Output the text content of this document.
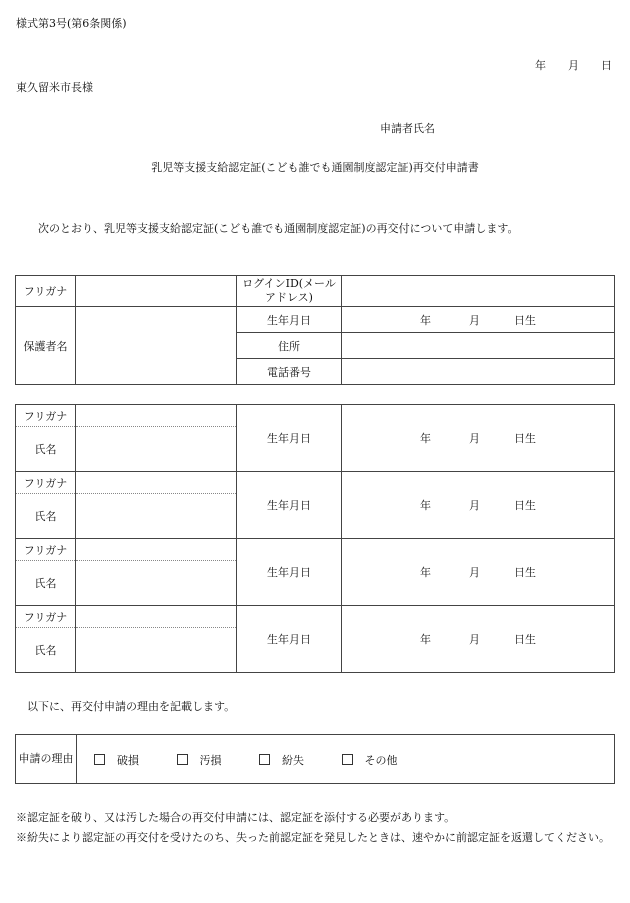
様式第3号(第6条関係)
年 月 日
東久留米市長様
申請者氏名
乳児等支援支給認定証(こども誰でも通園制度認定証)再交付申請書
次のとおり、乳児等支援支給認定証(こども誰でも通園制度認定証)の再交付について申請します。
フリガナ		ログインID(メールアドレス)	
保護者名		生年月日	年 月 日生
		住所	
		電話番号	
フリガナ		生年月日	年 月 日生
氏名			
フリガナ		生年月日	年 月 日生
氏名			
フリガナ		生年月日	年 月 日生
氏名			
フリガナ		生年月日	年 月 日生
氏名			
以下に、再交付申請の理由を記載します。
申請の理由	破損	汚損	紛失	その他
※認定証を破り、又は汚した場合の再交付申請には、認定証を添付する必要があります。
※紛失により認定証の再交付を受けたのち、失った前認定証を発見したときは、速やかに前認定証を返還してください。
